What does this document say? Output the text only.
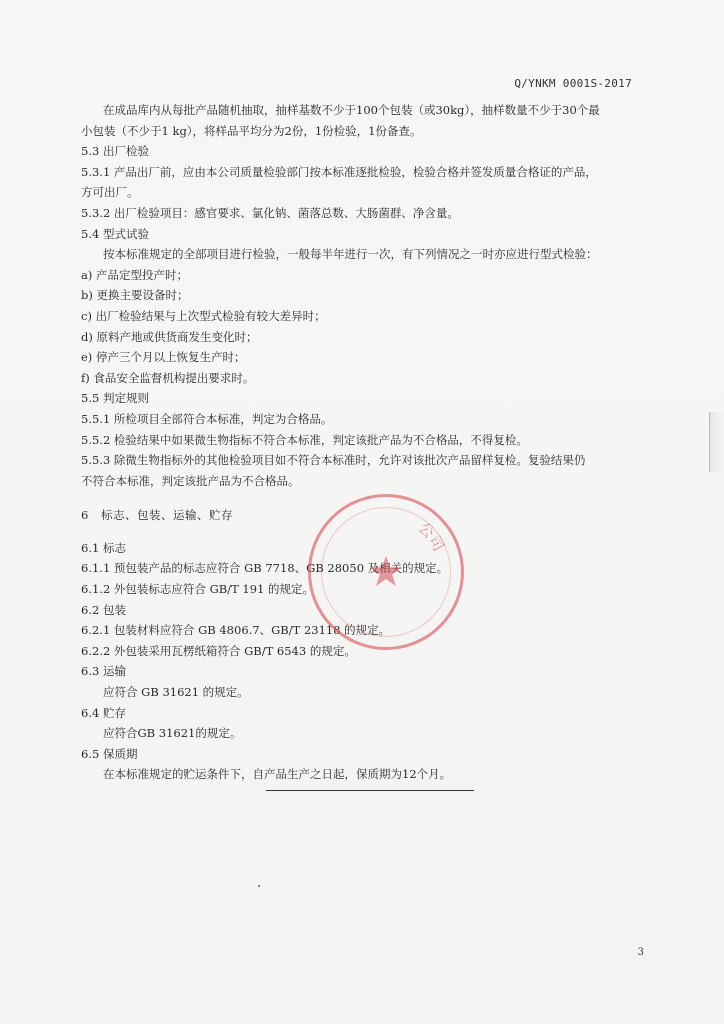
Q/YNKM 0001S-2017
在成品库内从每批产品随机抽取，抽样基数不少于100个包装（或30kg），抽样数量不少于30个最
小包装（不少于1 kg），将样品平均分为2份，1份检验，1份备查。
5.3 出厂检验
5.3.1 产品出厂前，应由本公司质量检验部门按本标准逐批检验，检验合格并签发质量合格证的产品，
方可出厂。
5.3.2 出厂检验项目：感官要求、氯化钠、菌落总数、大肠菌群、净含量。
5.4 型式试验
按本标准规定的全部项目进行检验，一般每半年进行一次，有下列情况之一时亦应进行型式检验：
a) 产品定型投产时；
b) 更换主要设备时；
c) 出厂检验结果与上次型式检验有较大差异时；
d) 原料产地或供货商发生变化时；
e) 停产三个月以上恢复生产时；
f) 食品安全监督机构提出要求时。
5.5 判定规则
5.5.1 所检项目全部符合本标准，判定为合格品。
5.5.2 检验结果中如果微生物指标不符合本标准，判定该批产品为不合格品，不得复检。
5.5.3 除微生物指标外的其他检验项目如不符合本标准时，允许对该批次产品留样复检。复验结果仍
不符合本标准，判定该批产品为不合格品。
6 标志、包装、运输、贮存
6.1 标志
6.1.1 预包装产品的标志应符合 GB 7718、GB 28050 及相关的规定。
6.1.2 外包装标志应符合 GB/T 191 的规定。
6.2 包装
6.2.1 包装材料应符合 GB 4806.7、GB/T 23118 的规定。
6.2.2 外包装采用瓦楞纸箱符合 GB/T 6543 的规定。
6.3 运输
应符合 GB 31621 的规定。
6.4 贮存
应符合GB 31621的规定。
6.5 保质期
在本标准规定的贮运条件下，自产品生产之日起，保质期为12个月。
★
公司
3
